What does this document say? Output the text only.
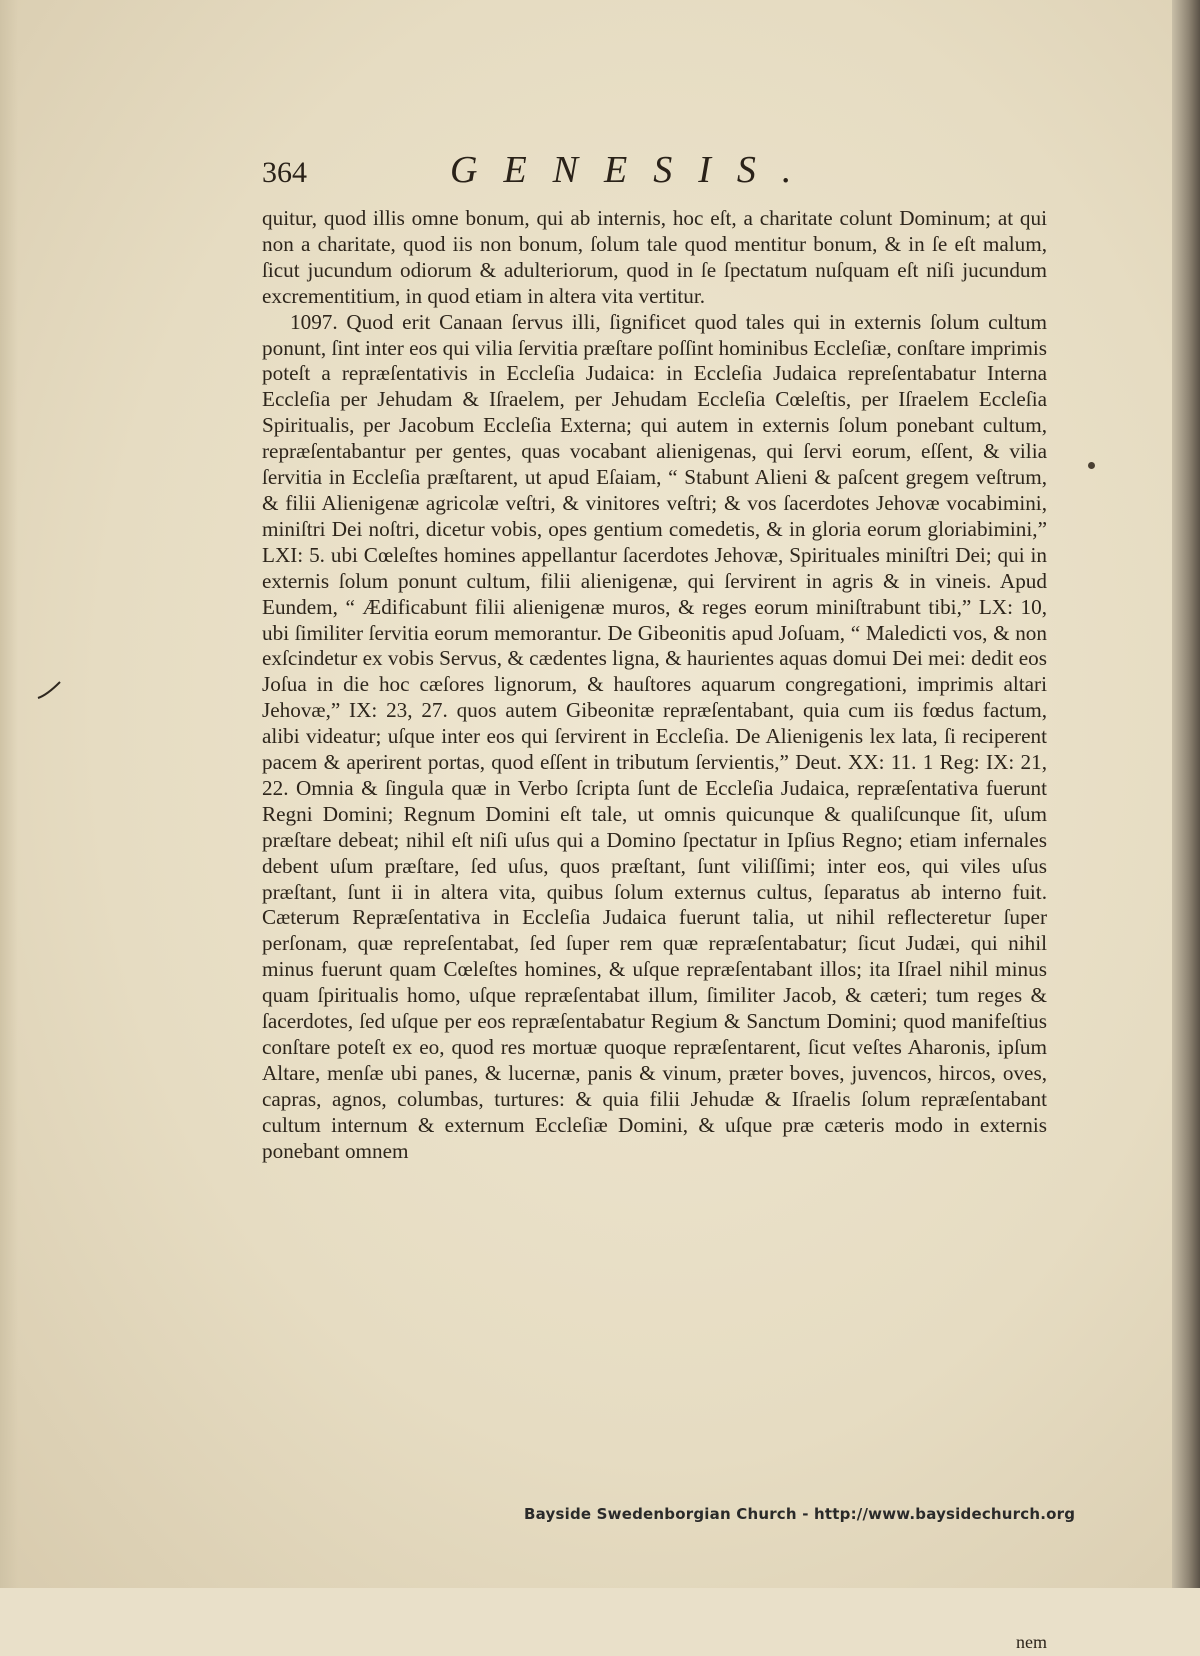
364	GENESIS.

quitur, quod illis omne bonum, qui ab internis, hoc eſt, a charitate colunt Dominum; at qui non a charitate, quod iis non bonum, ſolum tale quod mentitur bonum, & in ſe eſt malum, ſicut jucundum odiorum & adulteriorum, quod in ſe ſpectatum nuſquam eſt niſi jucundum excrementitium, in quod etiam in altera vita vertitur.

1097. Quod erit Canaan ſervus illi, ſignificet quod tales qui in externis ſolum cultum ponunt, ſint inter eos qui vilia ſervitia præſtare poſſint hominibus Eccleſiæ, conſtare imprimis poteſt a repræſentativis in Eccleſia Judaica: in Eccleſia Judaica repreſentabatur Interna Eccleſia per Jehudam & Iſraelem, per Jehudam Eccleſia Cœleſtis, per Iſraelem Eccleſia Spiritualis, per Jacobum Eccleſia Externa; qui autem in externis ſolum ponebant cultum, repræſentabantur per gentes, quas vocabant alienigenas, qui ſervi eorum, eſſent, & vilia ſervitia in Eccleſia præſtarent, ut apud Eſaiam, “ Stabunt Alieni & paſcent gregem veſtrum, & filii Alienigenæ agricolæ veſtri, & vinitores veſtri; & vos ſacerdotes Jehovæ vocabimini, miniſtri Dei noſtri, dicetur vobis, opes gentium comedetis, & in gloria eorum gloriabimini,” LXI: 5. ubi Cœleſtes homines appellantur ſacerdotes Jehovæ, Spirituales miniſtri Dei; qui in externis ſolum ponunt cultum, filii alienigenæ, qui ſervirent in agris & in vineis. Apud Eundem, “ Ædificabunt filii alienigenæ muros, & reges eorum miniſtrabunt tibi,” LX: 10, ubi ſimiliter ſervitia eorum memorantur. De Gibeonitis apud Joſuam, “ Maledicti vos, & non exſcindetur ex vobis Servus, & cædentes ligna, & haurientes aquas domui Dei mei: dedit eos Joſua in die hoc cæſores lignorum, & hauſtores aquarum congregationi, imprimis altari Jehovæ,” IX: 23, 27. quos autem Gibeonitæ repræſentabant, quia cum iis fœdus factum, alibi videatur; uſque inter eos qui ſervirent in Eccleſia. De Alienigenis lex lata, ſi reciperent pacem & aperirent portas, quod eſſent in tributum ſervientis,” Deut. XX: 11. 1 Reg: IX: 21, 22. Omnia & ſingula quæ in Verbo ſcripta ſunt de Eccleſia Judaica, repræſentativa fuerunt Regni Domini; Regnum Domini eſt tale, ut omnis quicunque & qualiſcunque ſit, uſum præſtare debeat; nihil eſt niſi uſus qui a Domino ſpectatur in Ipſius Regno; etiam infernales debent uſum præſtare, ſed uſus, quos præſtant, ſunt viliſſimi; inter eos, qui viles uſus præſtant, ſunt ii in altera vita, quibus ſolum externus cultus, ſeparatus ab interno fuit. Cæterum Repræſentativa in Eccleſia Judaica fuerunt talia, ut nihil reflecteretur ſuper perſonam, quæ repreſentabat, ſed ſuper rem quæ repræſentabatur; ſicut Judæi, qui nihil minus fuerunt quam Cœleſtes homines, & uſque repræſentabant illos; ita Iſrael nihil minus quam ſpiritualis homo, uſque repræſentabat illum, ſimiliter Jacob, & cæteri; tum reges & ſacerdotes, ſed uſque per eos repræſentabatur Regium & Sanctum Domini; quod manifeſtius conſtare poteſt ex eo, quod res mortuæ quoque repræſentarent, ſicut veſtes Aharonis, ipſum Altare, menſæ ubi panes, & lucernæ, panis & vinum, præter boves, juvencos, hircos, oves, capras, agnos, columbas, turtures: & quia filii Jehudæ & Iſraelis ſolum repræſentabant cultum internum & externum Eccleſiæ Domini, & uſque præ cæteris modo in externis ponebant omnem

nem
Bayside Swedenborgian Church - http://www.baysidechurch.org
